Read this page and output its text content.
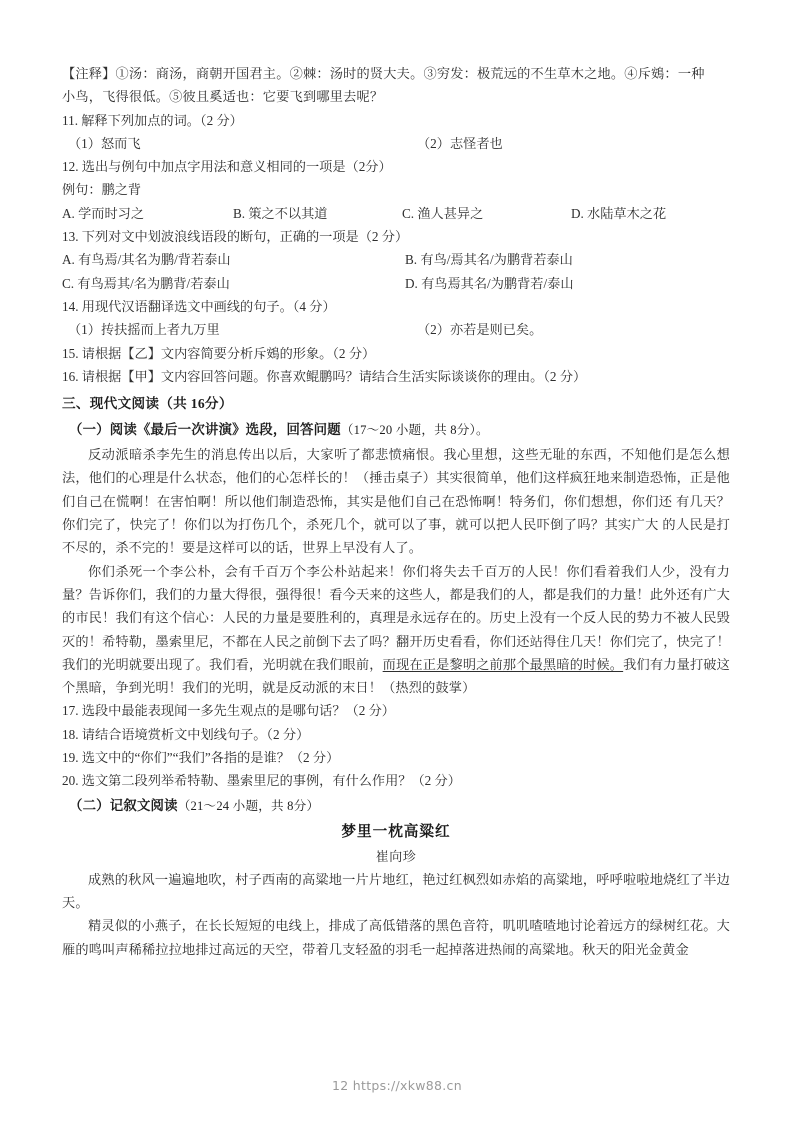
【注释】①汤：商汤，商朝开国君主。②棘：汤时的贤大夫。③穷发：极荒远的不生草木之地。④斥鴳：一种
小鸟，飞得很低。⑤彼且奚适也：它要飞到哪里去呢？
11. 解释下列加点的词。（2 分）
（1）怒而飞	（2）志怪者也
12. 选出与例句中加点字用法和意义相同的一项是（2分）
例句：鹏之背
A. 学而时习之	B. 策之不以其道	C. 渔人甚异之	D. 水陆草木之花
13. 下列对文中划波浪线语段的断句，正确的一项是（2 分）
A. 有鸟焉/其名为鹏/背若泰山	B. 有鸟/焉其名/为鹏背若泰山
C. 有鸟焉其/名为鹏背/若泰山	D. 有鸟焉其名/为鹏背若/泰山
14. 用现代汉语翻译选文中画线的句子。（4 分）
（1）抟扶摇而上者九万里	（2）亦若是则已矣。
15. 请根据【乙】文内容简要分析斥鴳的形象。（2 分）
16. 请根据【甲】文内容回答问题。你喜欢鲲鹏吗？请结合生活实际谈谈你的理由。（2 分）
三、现代文阅读（共 16分）
（一）阅读《最后一次讲演》选段，回答问题（17～20 小题，共 8分）。

反动派暗杀李先生的消息传出以后，大家听了都悲愤痛恨。我心里想，这些无耻的东西，不知他们是怎么想法，他们的心理是什么状态，他们的心怎样长的！（捶击桌子）其实很简单，他们这样疯狂地来制造恐怖，正是他们自己在慌啊！在害怕啊！所以他们制造恐怖，其实是他们自己在恐怖啊！特务们，你们想想，你们还 有几天？你们完了，快完了！你们以为打伤几个，杀死几个，就可以了事，就可以把人民吓倒了吗？其实广大 的人民是打不尽的，杀不完的！要是这样可以的话，世界上早没有人了。

你们杀死一个李公朴，会有千百万个李公朴站起来！你们将失去千百万的人民！你们看着我们人少，没有力量？告诉你们，我们的力量大得很，强得很！看今天来的这些人，都是我们的人，都是我们的力量！此外还有广大的市民！我们有这个信心：人民的力量是要胜利的，真理是永远存在的。历史上没有一个反人民的势力不被人民毁灭的！希特勒，墨索里尼，不都在人民之前倒下去了吗？翻开历史看看，你们还站得住几天！你们完了，快完了！我们的光明就要出现了。我们看，光明就在我们眼前，而现在正是黎明之前那个最黑暗的时候。我们有力量打破这个黑暗，争到光明！我们的光明，就是反动派的末日！（热烈的鼓掌）

17. 选段中最能表现闻一多先生观点的是哪句话？（2 分）
18. 请结合语境赏析文中划线句子。（2 分）
19. 选文中的“你们”“我们”各指的是谁？（2 分）
20. 选文第二段列举希特勒、墨索里尼的事例，有什么作用？（2 分）
（二）记叙文阅读（21～24 小题，共 8分）
梦里一枕高粱红
崔向珍

成熟的秋风一遍遍地吹，村子西南的高粱地一片片地红，艳过红枫烈如赤焰的高粱地，呼呼啦啦地烧红了半边天。

精灵似的小燕子，在长长短短的电线上，排成了高低错落的黑色音符，叽叽喳喳地讨论着远方的绿树红花。大雁的鸣叫声稀稀拉拉地排过高远的天空，带着几支轻盈的羽毛一起掉落进热闹的高粱地。秋天的阳光金黄金

12 https://xkw88.cn
